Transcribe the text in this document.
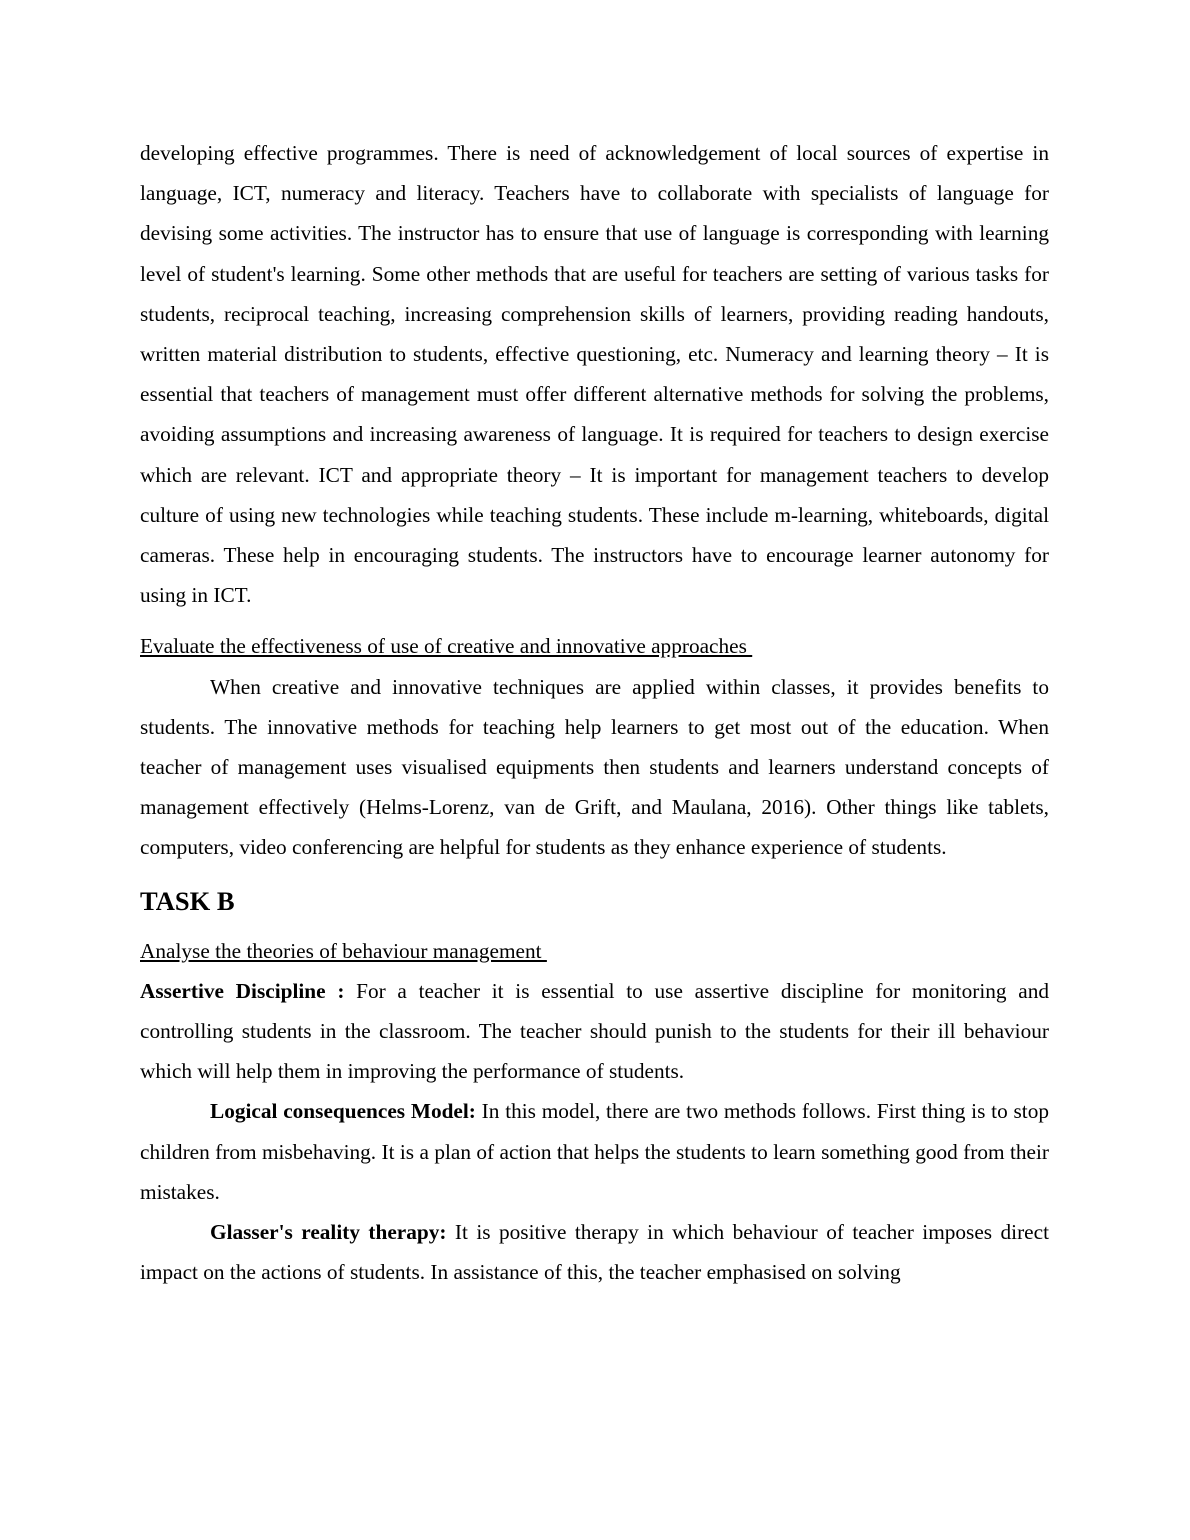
developing effective programmes. There is need of acknowledgement of local sources of expertise in language, ICT, numeracy and literacy. Teachers have to collaborate with specialists of language for devising some activities. The instructor has to ensure that use of language is corresponding with learning level of student's learning. Some other methods that are useful for teachers are setting of various tasks for students, reciprocal teaching, increasing comprehension skills of learners, providing reading handouts, written material distribution to students, effective questioning, etc. Numeracy and learning theory – It is essential that teachers of management must offer different alternative methods for solving the problems, avoiding assumptions and increasing awareness of language. It is required for teachers to design exercise which are relevant. ICT and appropriate theory – It is important for management teachers to develop culture of using new technologies while teaching students. These include m-learning, whiteboards, digital cameras. These help in encouraging students. The instructors have to encourage learner autonomy for using in ICT.

Evaluate the effectiveness of use of creative and innovative approaches

When creative and innovative techniques are applied within classes, it provides benefits to students. The innovative methods for teaching help learners to get most out of the education. When teacher of management uses visualised equipments then students and learners understand concepts of management effectively (Helms-Lorenz, van de Grift, and Maulana, 2016). Other things like tablets, computers, video conferencing are helpful for students as they enhance experience of students.

TASK B
Analyse the theories of behaviour management

Assertive Discipline : For a teacher it is essential to use assertive discipline for monitoring and controlling students in the classroom. The teacher should punish to the students for their ill behaviour which will help them in improving the performance of students.

Logical consequences Model: In this model, there are two methods follows. First thing is to stop children from misbehaving. It is a plan of action that helps the students to learn something good from their mistakes.

Glasser's reality therapy: It is positive therapy in which behaviour of teacher imposes direct impact on the actions of students. In assistance of this, the teacher emphasised on solving
